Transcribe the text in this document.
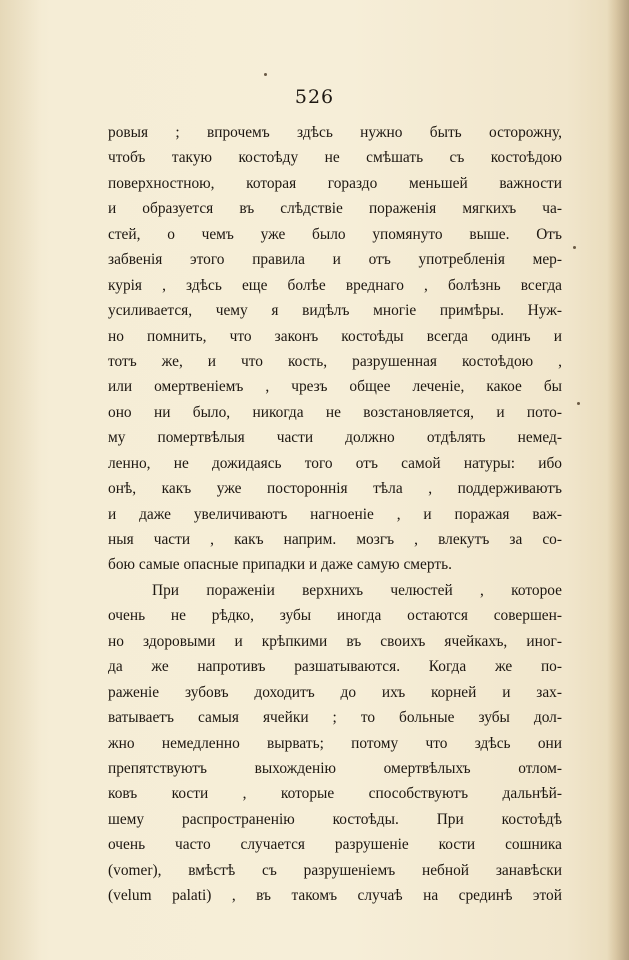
526
ровыя ; впрочемъ здѣсь нужно быть осторожну,
чтобъ такую костоѣду не смѣшать съ костоѣдою
поверхностною, которая гораздо меньшей важности
и образуется въ слѣдствіе пораженія мягкихъ ча-
стей, о чемъ уже было упомянуто выше. Отъ
забвенія этого правила и отъ употребленія мер-
курія , здѣсь еще болѣе вреднаго , болѣзнь всегда
усиливается, чему я видѣлъ многіе примѣры. Нуж-
но помнить, что законъ костоѣды всегда одинъ и
тотъ же, и что кость, разрушенная костоѣдою ,
или омертвеніемъ , чрезъ общее леченіе, какое бы
оно ни было, никогда не возстановляется, и пото-
му помертвѣлыя части должно отдѣлять немед-
ленно, не дожидаясь того отъ самой натуры: ибо
онѣ, какъ уже постороннія тѣла , поддерживаютъ
и даже увеличиваютъ нагноеніе , и поражая важ-
ныя части , какъ наприм. мозгъ , влекутъ за со-
бою самые опасные припадки и даже самую смерть.
При пораженіи верхнихъ челюстей , которое
очень не рѣдко, зубы иногда остаются совершен-
но здоровыми и крѣпкими въ своихъ ячейкахъ, иног-
да же напротивъ разшатываются. Когда же по-
раженіе зубовъ доходитъ до ихъ корней и зах-
ватываетъ самыя ячейки ; то больные зубы дол-
жно немедленно вырвать; потому что здѣсь они
препятствуютъ выхожденію омертвѣлыхъ отлом-
ковъ кости , которые способствуютъ дальнѣй-
шему распространенію костоѣды. При костоѣдѣ
очень часто случается разрушеніе кости сошника
(vomer), вмѣстѣ съ разрушеніемъ небной занавѣски
(velum palati) , въ такомъ случаѣ на срединѣ этой
